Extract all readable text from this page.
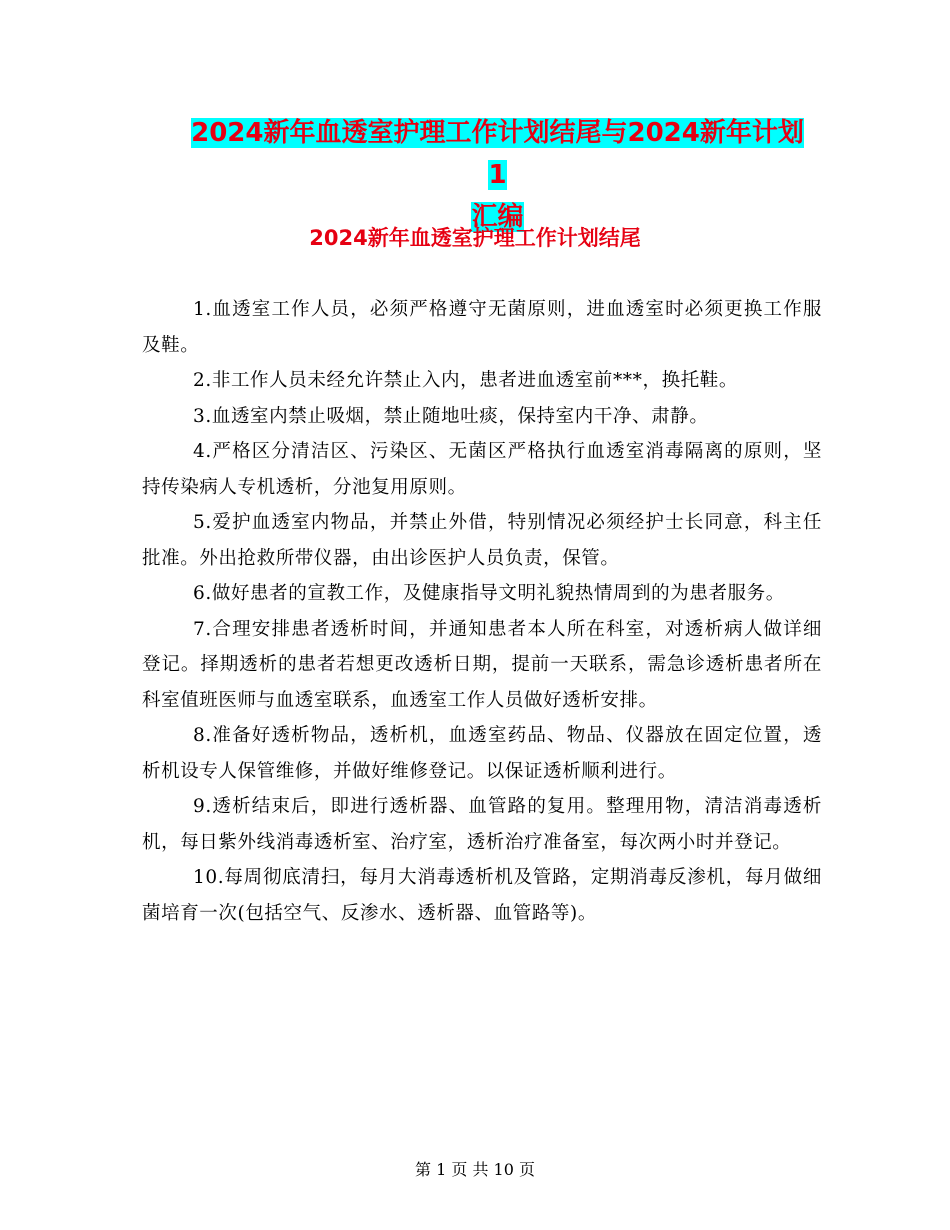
2024新年血透室护理工作计划结尾与2024新年计划1
汇编
2024新年血透室护理工作计划结尾

1.血透室工作人员，必须严格遵守无菌原则，进血透室时必须更换工作服及鞋。

2.非工作人员未经允许禁止入内，患者进血透室前***，换托鞋。

3.血透室内禁止吸烟，禁止随地吐痰，保持室内干净、肃静。

4.严格区分清洁区、污染区、无菌区严格执行血透室消毒隔离的原则，坚持传染病人专机透析，分池复用原则。

5.爱护血透室内物品，并禁止外借，特别情况必须经护士长同意，科主任批准。外出抢救所带仪器，由出诊医护人员负责，保管。

6.做好患者的宣教工作，及健康指导文明礼貌热情周到的为患者服务。

7.合理安排患者透析时间，并通知患者本人所在科室，对透析病人做详细登记。择期透析的患者若想更改透析日期，提前一天联系，需急诊透析患者所在科室值班医师与血透室联系，血透室工作人员做好透析安排。

8.准备好透析物品，透析机，血透室药品、物品、仪器放在固定位置，透析机设专人保管维修，并做好维修登记。以保证透析顺利进行。

9.透析结束后，即进行透析器、血管路的复用。整理用物，清洁消毒透析机，每日紫外线消毒透析室、治疗室，透析治疗准备室，每次两小时并登记。

10.每周彻底清扫，每月大消毒透析机及管路，定期消毒反渗机，每月做细菌培育一次(包括空气、反渗水、透析器、血管路等)。

第 1 页 共 10 页
